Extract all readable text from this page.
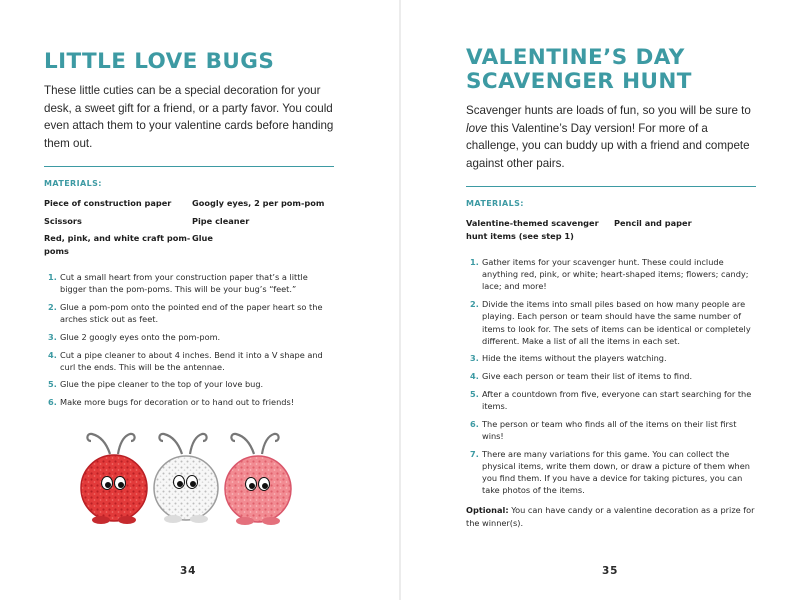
LITTLE LOVE BUGS

These little cuties can be a special decoration for your desk, a sweet gift for a friend, or a party favor. You could even attach them to your valentine cards before handing them out.

MATERIALS:
Piece of construction paper	Googly eyes, 2 per pom-pom
Scissors	Pipe cleaner
Red, pink, and white craft pom-poms
Glue
1. Cut a small heart from your construction paper that’s a little bigger than the pom-poms. This will be your bug’s “feet.”
2. Glue a pom-pom onto the pointed end of the paper heart so the arches stick out as feet.
3. Glue 2 googly eyes onto the pom-pom.
4. Cut a pipe cleaner to about 4 inches. Bend it into a V shape and curl the ends. This will be the antennae.
5. Glue the pipe cleaner to the top of your love bug.
6. Make more bugs for decoration or to hand out to friends!
34
VALENTINE’S DAY
SCAVENGER HUNT

Scavenger hunts are loads of fun, so you will be sure to love this Valentine’s Day version! For more of a challenge, you can buddy up with a friend and compete against other pairs.

MATERIALS:
Valentine-themed scavenger hunt items (see step 1)
Pencil and paper
1. Gather items for your scavenger hunt. These could include anything red, pink, or white; heart-shaped items; flowers; candy; lace; and more!
2. Divide the items into small piles based on how many people are playing. Each person or team should have the same number of items to look for. The sets of items can be identical or completely different. Make a list of all the items in each set.
3. Hide the items without the players watching.
4. Give each person or team their list of items to find.
5. After a countdown from five, everyone can start searching for the items.
6. The person or team who finds all of the items on their list first wins!
7. There are many variations for this game. You can collect the physical items, write them down, or draw a picture of them when you find them. If you have a device for taking pictures, you can take photos of the items.

Optional: You can have candy or a valentine decoration as a prize for the winner(s).

35
